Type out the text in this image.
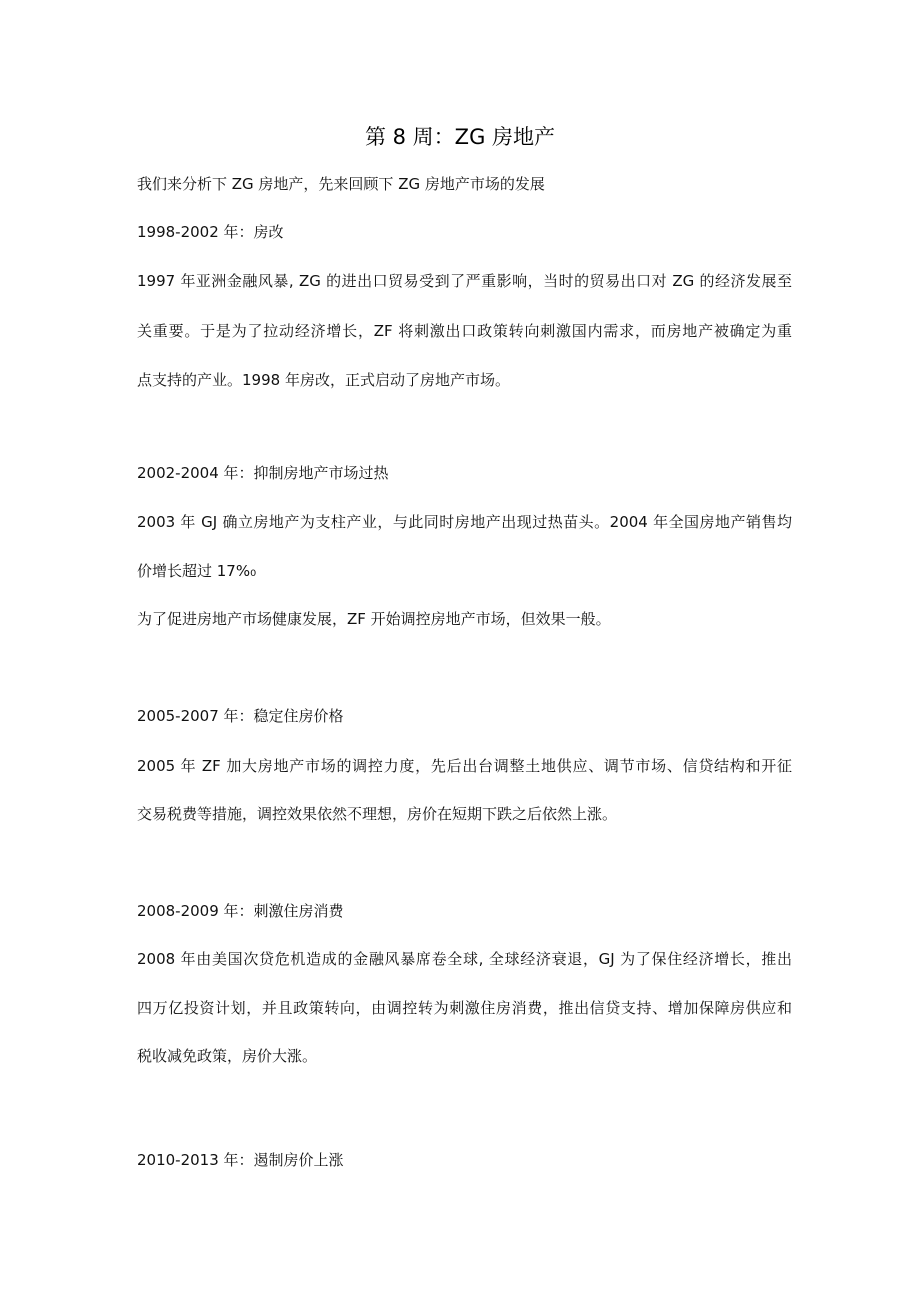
第 8 周：ZG 房地产
我们来分析下 ZG 房地产，先来回顾下 ZG 房地产市场的发展
1998-2002 年：房改
1997 年亚洲金融风暴, ZG 的进出口贸易受到了严重影响，当时的贸易出口对 ZG 的经济发展至
关重要。于是为了拉动经济增长，ZF 将刺激出口政策转向刺激国内需求，而房地产被确定为重
点支持的产业。1998 年房改，正式启动了房地产市场。
2002-2004 年：抑制房地产市场过热
2003 年 GJ 确立房地产为支柱产业，与此同时房地产出现过热苗头。2004 年全国房地产销售均
价增长超过 17%₀
为了促进房地产市场健康发展，ZF 开始调控房地产市场，但效果一般。
2005-2007 年：稳定住房价格
2005 年 ZF 加大房地产市场的调控力度，先后出台调整土地供应、调节市场、信贷结构和开征
交易税费等措施，调控效果依然不理想，房价在短期下跌之后依然上涨。
2008-2009 年：刺激住房消费
2008 年由美国次贷危机造成的金融风暴席卷全球, 全球经济衰退，GJ 为了保住经济增长，推出
四万亿投资计划，并且政策转向，由调控转为刺激住房消费，推出信贷支持、增加保障房供应和
税收减免政策，房价大涨。
2010-2013 年：遏制房价上涨
